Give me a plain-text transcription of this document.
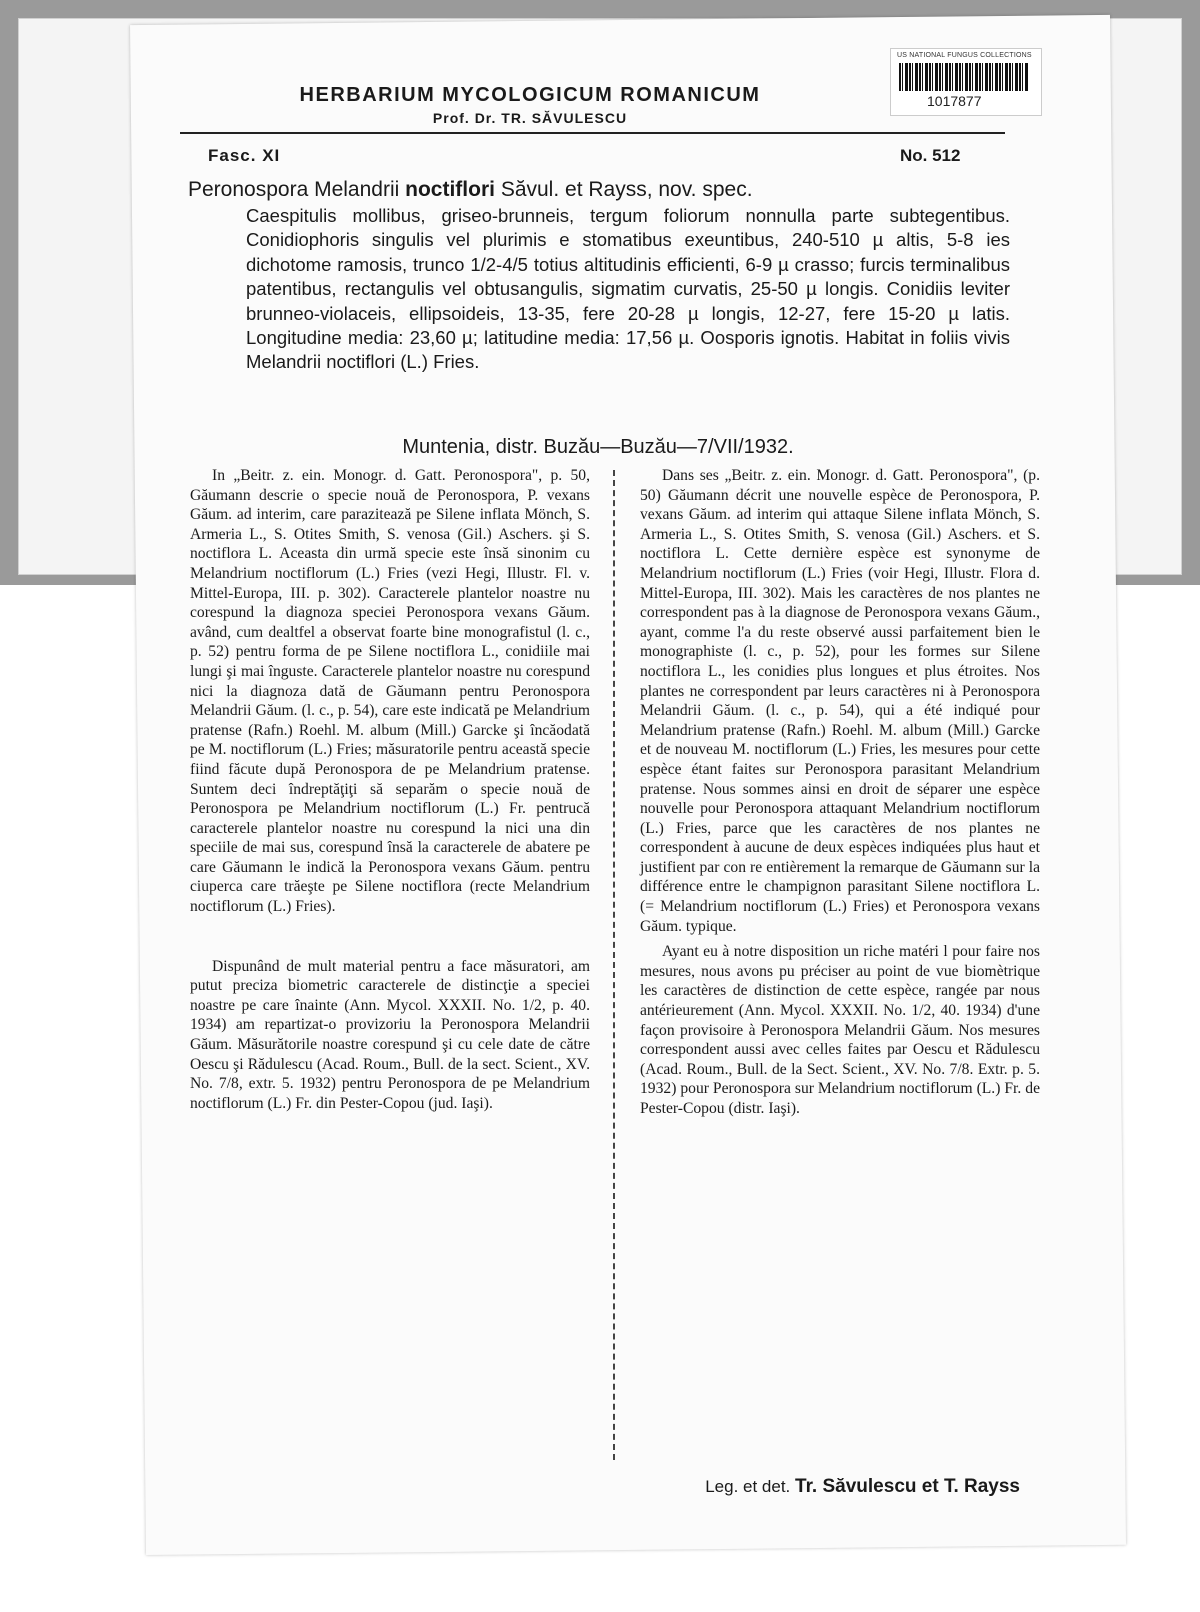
US NATIONAL FUNGUS COLLECTIONS
1017877
HERBARIUM MYCOLOGICUM ROMANICUM
Prof. Dr. TR. SĂVULESCU
Fasc. XI	No. 512
Peronospora Melandrii noctiflori Săvul. et Rayss, nov. spec.
Caespitulis mollibus, griseo-brunneis, tergum foliorum nonnulla parte subtegentibus. Conidiophoris singulis vel plurimis e stomatibus exeuntibus, 240-510 µ altis, 5-8 ies dichotome ramosis, trunco 1/2-4/5 totius altitudinis efficienti, 6-9 µ crasso; furcis terminalibus patentibus, rectangulis vel obtusangulis, sigmatim curvatis, 25-50 µ longis. Conidiis leviter brunneo-violaceis, ellipsoideis, 13-35, fere 20-28 µ longis, 12-27, fere 15-20 µ latis. Longitudine media: 23,60 µ; latitudine media: 17,56 µ. Oosporis ignotis. Habitat in foliis vivis Melandrii noctiflori (L.) Fries.
Muntenia, distr. Buzău—Buzău—7/VII/1932.

In „Beitr. z. ein. Monogr. d. Gatt. Peronospora", p. 50, Găumann descrie o specie nouă de Peronospora, P. vexans Găum. ad interim, care parazitează pe Silene inflata Mönch, S. Armeria L., S. Otites Smith, S. venosa (Gil.) Aschers. şi S. noctiflora L. Aceasta din urmă specie este însă sinonim cu Melandrium noctiflorum (L.) Fries (vezi Hegi, Illustr. Fl. v. Mittel-Europa, III. p. 302). Caracterele plantelor noastre nu corespund la diagnoza speciei Peronospora vexans Găum. având, cum dealtfel a observat foarte bine monografistul (l. c., p. 52) pentru forma de pe Silene noctiflora L., conidiile mai lungi şi mai înguste. Caracterele plantelor noastre nu corespund nici la diagnoza dată de Găumann pentru Peronospora Melandrii Găum. (l. c., p. 54), care este indicată pe Melandrium pratense (Rafn.) Roehl. M. album (Mill.) Garcke şi încăodată pe M. noctiflorum (L.) Fries; măsuratorile pentru această specie fiind făcute după Peronospora de pe Melandrium pratense. Suntem deci îndreptăţiţi să separăm o specie nouă de Peronospora pe Melandrium noctiflorum (L.) Fr. pentrucă caracterele plantelor noastre nu corespund la nici una din speciile de mai sus, corespund însă la caracterele de abatere pe care Găumann le indică la Peronospora vexans Găum. pentru ciuperca care trăeşte pe Silene noctiflora (recte Melandrium noctiflorum (L.) Fries).

Dispunând de mult material pentru a face măsuratori, am putut preciza biometric caracterele de distincţie a speciei noastre pe care înainte (Ann. Mycol. XXXII. No. 1/2, p. 40. 1934) am repartizat-o provizoriu la Peronospora Melandrii Găum. Măsurătorile noastre corespund şi cu cele date de către Oescu şi Rădulescu (Acad. Roum., Bull. de la sect. Scient., XV. No. 7/8, extr. 5. 1932) pentru Peronospora de pe Melandrium noctiflorum (L.) Fr. din Pester-Copou (jud. Iaşi).

Dans ses „Beitr. z. ein. Monogr. d. Gatt. Peronospora", (p. 50) Găumann décrit une nouvelle espèce de Peronospora, P. vexans Găum. ad interim qui attaque Silene inflata Mönch, S. Armeria L., S. Otites Smith, S. venosa (Gil.) Aschers. et S. noctiflora L. Cette dernière espèce est synonyme de Melandrium noctiflorum (L.) Fries (voir Hegi, Illustr. Flora d. Mittel-Europa, III. 302). Mais les caractères de nos plantes ne correspondent pas à la diagnose de Peronospora vexans Găum., ayant, comme l'a du reste observé aussi parfaitement bien le monographiste (l. c., p. 52), pour les formes sur Silene noctiflora L., les conidies plus longues et plus étroites. Nos plantes ne correspondent par leurs caractères ni à Peronospora Melandrii Găum. (l. c., p. 54), qui a été indiqué pour Melandrium pratense (Rafn.) Roehl. M. album (Mill.) Garcke et de nouveau M. noctiflorum (L.) Fries, les mesures pour cette espèce étant faites sur Peronospora parasitant Melandrium pratense. Nous sommes ainsi en droit de séparer une espèce nouvelle pour Peronospora attaquant Melandrium noctiflorum (L.) Fries, parce que les caractères de nos plantes ne correspondent à aucune de deux espèces indiquées plus haut et justifient par con re entièrement la remarque de Găumann sur la différence entre le champignon parasitant Silene noctiflora L. (= Melandrium noctiflorum (L.) Fries) et Peronospora vexans Găum. typique.

Ayant eu à notre disposition un riche matéri l pour faire nos mesures, nous avons pu préciser au point de vue biomètrique les caractères de distinction de cette espèce, rangée par nous antérieurement (Ann. Mycol. XXXII. No. 1/2, 40. 1934) d'une façon provisoire à Peronospora Melandrii Găum. Nos mesures correspondent aussi avec celles faites par Oescu et Rădulescu (Acad. Roum., Bull. de la Sect. Scient., XV. No. 7/8. Extr. p. 5. 1932) pour Peronospora sur Melandrium noctiflorum (L.) Fr. de Pester-Copou (distr. Iaşi).

Leg. et det. Tr. Săvulescu et T. Rayss
